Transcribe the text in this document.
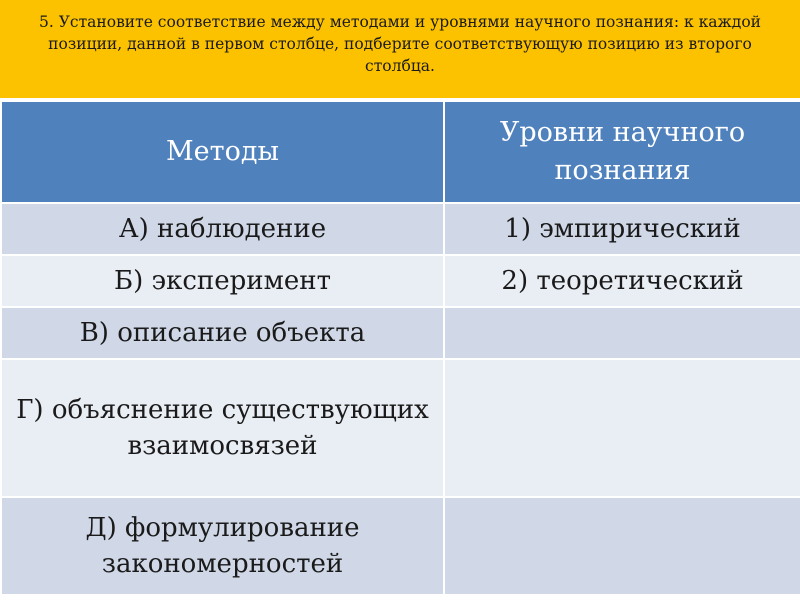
5. Установите соответствие между методами и уровнями научного познания: к каждой позиции, данной в первом столбце, подберите соответствующую позицию из второго столбца.
Методы	Уровни научного познания
А) наблюдение	1) эмпирический
Б) эксперимент	2) теоретический
В) описание объекта	
Г) объяснение существующих взаимосвязей	
Д) формулирование закономерностей	
